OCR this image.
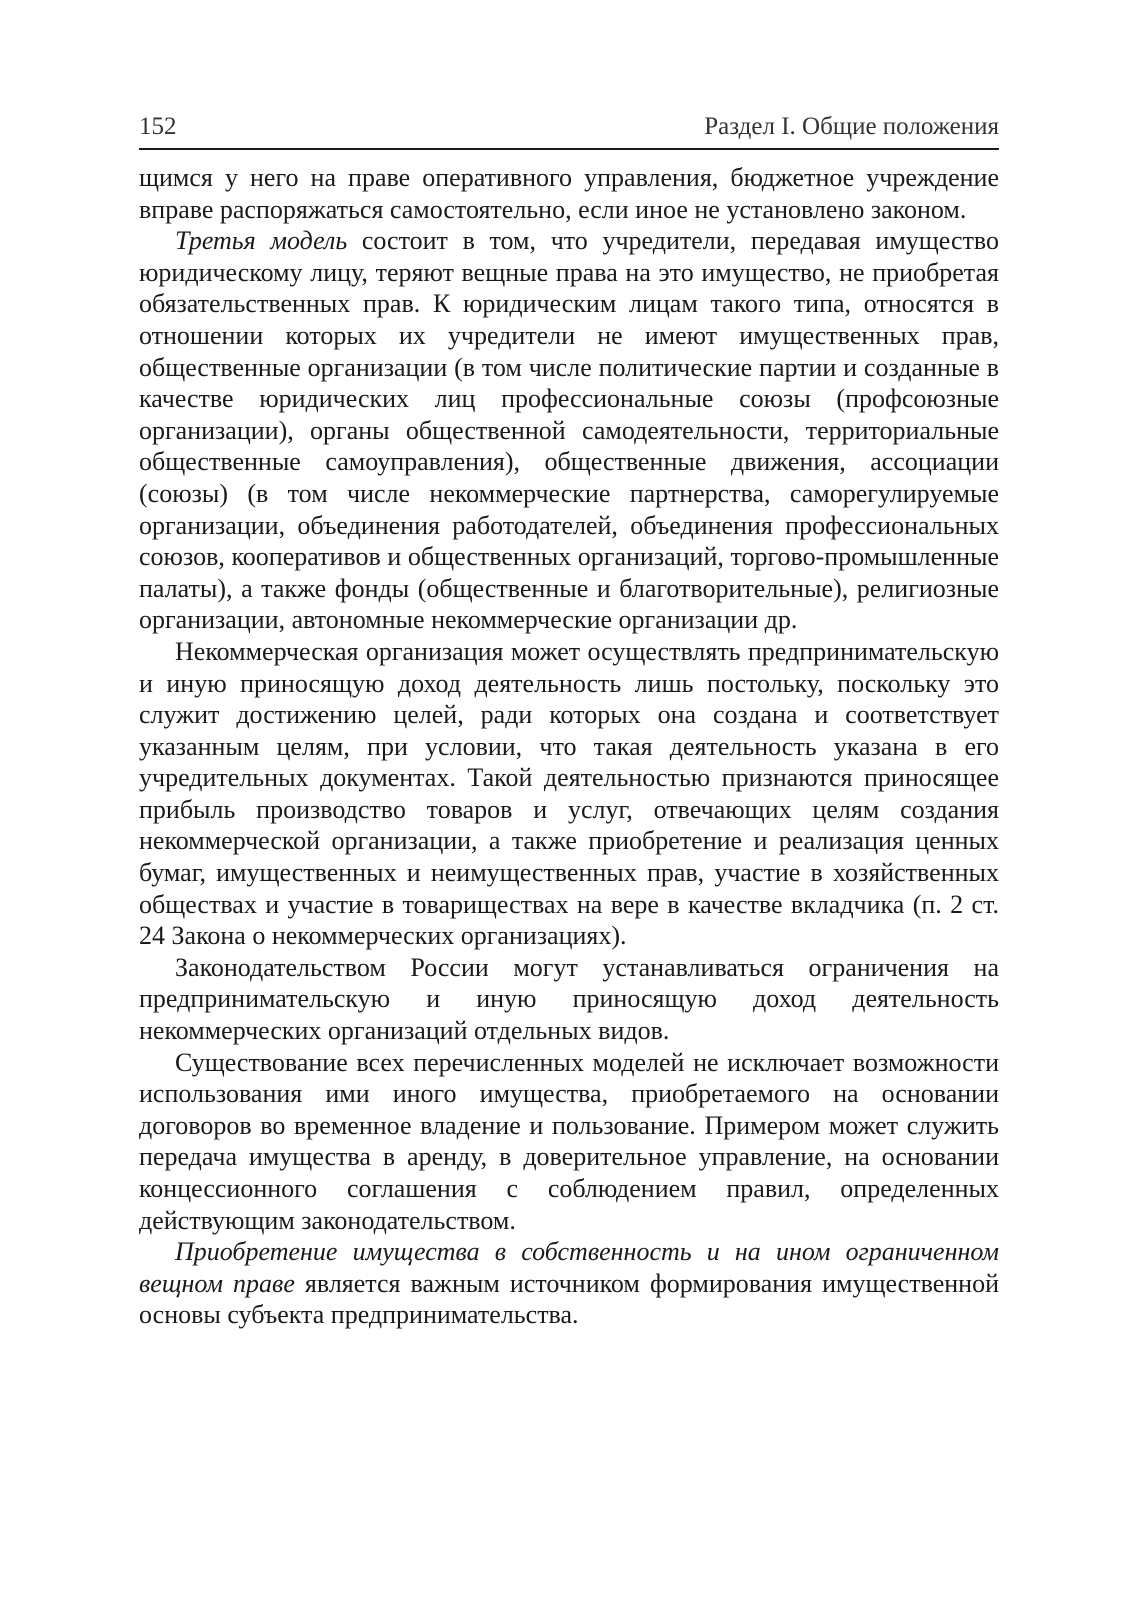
152	Раздел I. Общие положения

щимся у него на праве оперативного управления, бюджетное учреждение вправе распоряжаться самостоятельно, если иное не установлено законом.

Третья модель состоит в том, что учредители, передавая имущество юридическому лицу, теряют вещные права на это имущество, не приобретая обязательственных прав. К юридическим лицам такого типа, относятся в отношении которых их учредители не имеют имущественных прав, общественные организации (в том числе политические партии и созданные в качестве юридических лиц профессиональные союзы (профсоюзные организации), органы общественной самодеятельности, территориальные общественные самоуправления), общественные движения, ассоциации (союзы) (в том числе некоммерческие партнерства, саморегулируемые организации, объединения работодателей, объединения профессиональных союзов, кооперативов и общественных организаций, торгово-промышленные палаты), а также фонды (общественные и благотворительные), религиозные организации, автономные некоммерческие организации др.

Некоммерческая организация может осуществлять предпринимательскую и иную приносящую доход деятельность лишь постольку, поскольку это служит достижению целей, ради которых она создана и соответствует указанным целям, при условии, что такая деятельность указана в его учредительных документах. Такой деятельностью признаются приносящее прибыль производство товаров и услуг, отвечающих целям создания некоммерческой организации, а также приобретение и реализация ценных бумаг, имущественных и неимущественных прав, участие в хозяйственных обществах и участие в товариществах на вере в качестве вкладчика (п. 2 ст. 24 Закона о некоммерческих организациях).

Законодательством России могут устанавливаться ограничения на предпринимательскую и иную приносящую доход деятельность некоммерческих организаций отдельных видов.

Существование всех перечисленных моделей не исключает возможности использования ими иного имущества, приобретаемого на основании договоров во временное владение и пользование. Примером может служить передача имущества в аренду, в доверительное управление, на основании концессионного соглашения с соблюдением правил, определенных действующим законодательством.

Приобретение имущества в собственность и на ином ограниченном вещном праве является важным источником формирования имущественной основы субъекта предпринимательства.
